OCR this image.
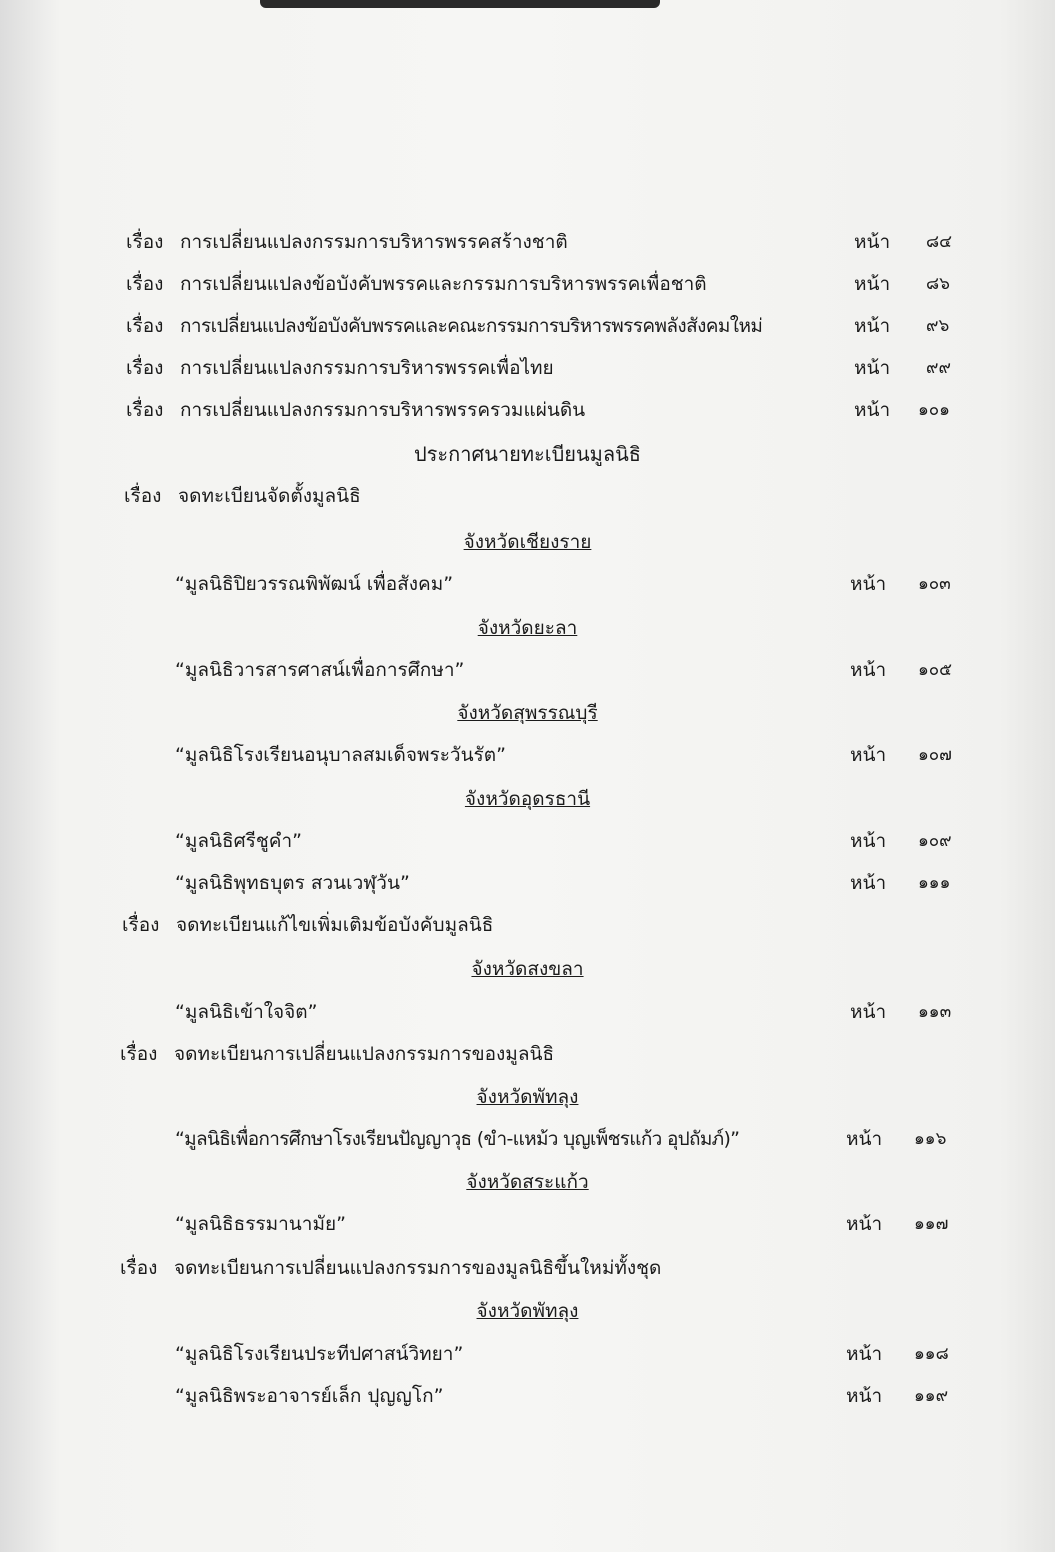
เรื่อง การเปลี่ยนแปลงกรรมการบริหารพรรคสร้างชาติ	หน้า ๘๔
เรื่อง การเปลี่ยนแปลงข้อบังคับพรรคและกรรมการบริหารพรรคเพื่อชาติ	หน้า ๘๖
เรื่อง การเปลี่ยนแปลงข้อบังคับพรรคและคณะกรรมการบริหารพรรคพลังสังคมใหม่	หน้า ๙๖
เรื่อง การเปลี่ยนแปลงกรรมการบริหารพรรคเพื่อไทย	หน้า ๙๙
เรื่อง การเปลี่ยนแปลงกรรมการบริหารพรรครวมแผ่นดิน	หน้า ๑๐๑
ประกาศนายทะเบียนมูลนิธิ
เรื่อง จดทะเบียนจัดตั้งมูลนิธิ
จังหวัดเชียงราย
“มูลนิธิปิยวรรณพิพัฒน์ เพื่อสังคม”	หน้า ๑๐๓
จังหวัดยะลา
“มูลนิธิวารสารศาสน์เพื่อการศึกษา”	หน้า ๑๐๕
จังหวัดสุพรรณบุรี
“มูลนิธิโรงเรียนอนุบาลสมเด็จพระวันรัต”	หน้า ๑๐๗
จังหวัดอุดรธานี
“มูลนิธิศรีชูคำ”	หน้า ๑๐๙
“มูลนิธิพุทธบุตร สวนเวฬุวัน”	หน้า ๑๑๑
เรื่อง จดทะเบียนแก้ไขเพิ่มเติมข้อบังคับมูลนิธิ
จังหวัดสงขลา
“มูลนิธิเข้าใจจิต”	หน้า ๑๑๓
เรื่อง จดทะเบียนการเปลี่ยนแปลงกรรมการของมูลนิธิ
จังหวัดพัทลุง
“มูลนิธิเพื่อการศึกษาโรงเรียนปัญญาวุธ (ขำ-แหม้ว บุญเพ็ชรแก้ว อุปถัมภ์)”	หน้า ๑๑๖
จังหวัดสระแก้ว
“มูลนิธิธรรมานามัย”	หน้า ๑๑๗
เรื่อง จดทะเบียนการเปลี่ยนแปลงกรรมการของมูลนิธิขึ้นใหม่ทั้งชุด
จังหวัดพัทลุง
“มูลนิธิโรงเรียนประทีปศาสน์วิทยา”	หน้า ๑๑๘
“มูลนิธิพระอาจารย์เล็ก ปุญญโก”	หน้า ๑๑๙
